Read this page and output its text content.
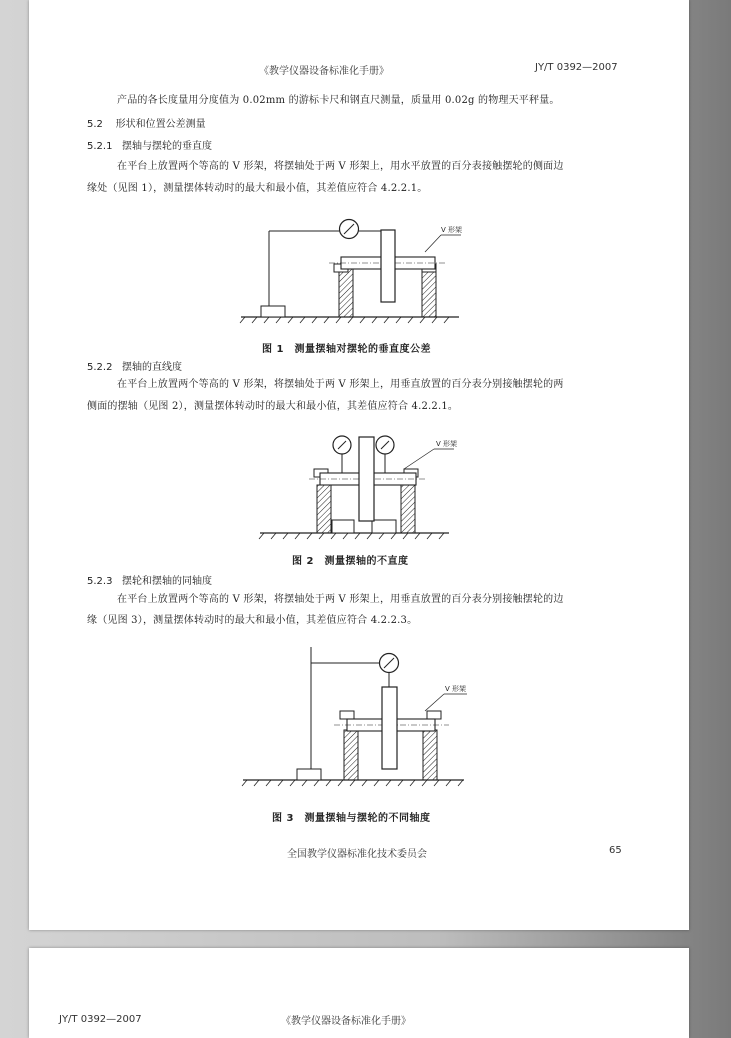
《教学仪器设备标准化手册》	JY/T 0392—2007
产品的各长度量用分度值为 0.02mm 的游标卡尺和钢直尺测量，质量用 0.02g 的物理天平秤量。
5.2 形状和位置公差测量
5.2.1 摆轴与摆轮的垂直度
在平台上放置两个等高的 V 形架，将摆轴处于两 V 形架上，用水平放置的百分表接触摆轮的侧面边
缘处（见图 1），测量摆体转动时的最大和最小值，其差值应符合 4.2.2.1。
V 形架
图 1　测量摆轴对摆轮的垂直度公差
5.2.2 摆轴的直线度
在平台上放置两个等高的 V 形架，将摆轴处于两 V 形架上，用垂直放置的百分表分别接触摆轮的两
侧面的摆轴（见图 2），测量摆体转动时的最大和最小值，其差值应符合 4.2.2.1。
V 形架
图 2　测量摆轴的不直度
5.2.3 摆轮和摆轴的同轴度
在平台上放置两个等高的 V 形架，将摆轴处于两 V 形架上，用垂直放置的百分表分别接触摆轮的边
缘（见图 3），测量摆体转动时的最大和最小值，其差值应符合 4.2.2.3。
V 形架
图 3　测量摆轴与摆轮的不同轴度
全国教学仪器标准化技术委员会	65
JY/T 0392—2007	《教学仪器设备标准化手册》
